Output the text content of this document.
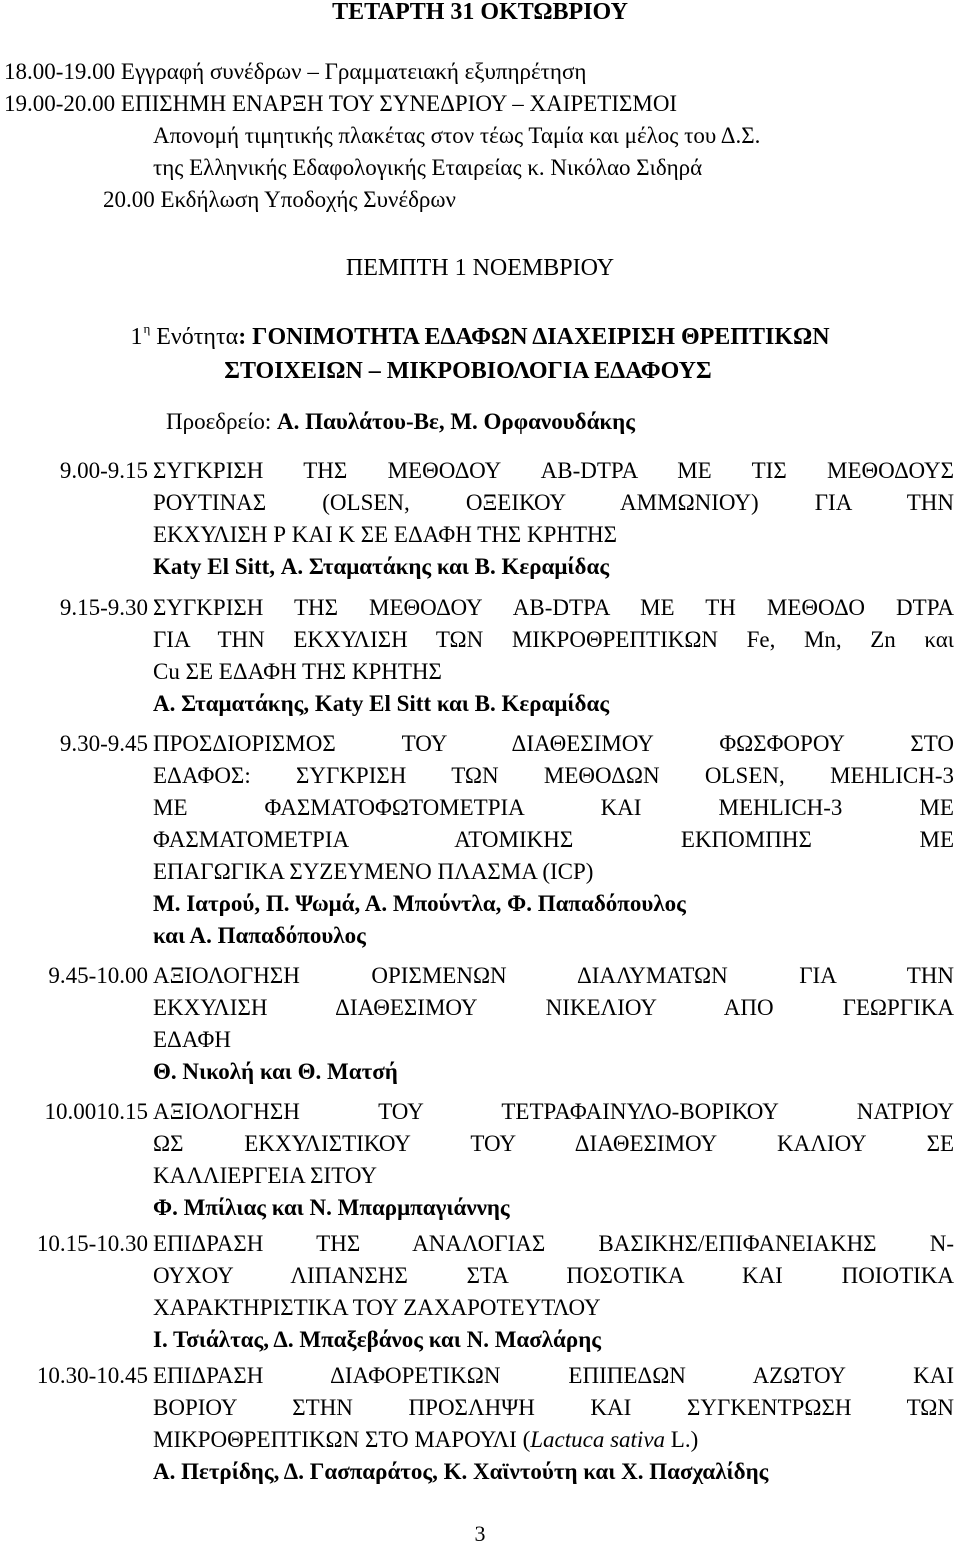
ΤΕΤΑΡΤΗ 31 ΟΚΤΩΒΡΙΟΥ
18.00-19.00 Εγγραφή συνέδρων – Γραμματειακή εξυπηρέτηση
19.00-20.00 ΕΠΙΣΗΜΗ ΕΝΑΡΞΗ ΤΟΥ ΣΥΝΕΔΡΙΟΥ – ΧΑΙΡΕΤΙΣΜΟΙ
Απονομή τιμητικής πλακέτας στον τέως Ταμία και μέλος του Δ.Σ.
της Ελληνικής Εδαφολογικής Εταιρείας κ. Νικόλαο Σιδηρά
20.00 Εκδήλωση Υποδοχής Συνέδρων
ΠΕΜΠΤΗ 1 ΝΟΕΜΒΡΙΟΥ
$1^\eta$ Ενότητα: ΓΟΝΙΜΟΤΗΤΑ ΕΔΑΦΩΝ ΔΙΑΧΕΙΡΙΣΗ ΘΡΕΠΤΙΚΩΝ
ΣΤΟΙΧΕΙΩΝ – ΜΙΚΡΟΒΙΟΛΟΓΙΑ ΕΔΑΦΟΥΣ
Προεδρείο: Α. Παυλάτου-Βε, Μ. Ορφανουδάκης
9.00-9.15 ΣΥΓΚΡΙΣΗ ΤΗΣ ΜΕΘΟΔΟΥ AB-DTPA ΜΕ ΤΙΣ ΜΕΘΟΔΟΥΣ
ΡΟΥΤΙΝΑΣ (OLSEN, ΟΞΕΙΚΟΥ ΑΜΜΩΝΙΟΥ) ΓΙΑ ΤΗΝ
ΕΚΧΥΛΙΣΗ Ρ ΚΑΙ Κ ΣΕ ΕΔΑΦΗ ΤΗΣ ΚΡΗΤΗΣ
Katy El Sitt, Α. Σταματάκης και Β. Κεραμίδας
9.15-9.30 ΣΥΓΚΡΙΣΗ ΤΗΣ ΜΕΘΟΔΟΥ AB-DTPA ΜΕ ΤΗ ΜΕΘΟΔΟ DTPA
ΓΙΑ ΤΗΝ ΕΚΧΥΛΙΣΗ ΤΩΝ ΜΙΚΡΟΘΡΕΠΤΙΚΩΝ Fe, Mn, Zn και
Cu ΣΕ ΕΔΑΦΗ ΤΗΣ ΚΡΗΤΗΣ
Α. Σταματάκης, Katy El Sitt και Β. Κεραμίδας
9.30-9.45 ΠΡΟΣΔΙΟΡΙΣΜΟΣ ΤΟΥ ΔΙΑΘΕΣΙΜΟΥ ΦΩΣΦΟΡΟΥ ΣΤΟ
ΕΔΑΦΟΣ: ΣΥΓΚΡΙΣΗ ΤΩΝ ΜΕΘΟΔΩΝ OLSEN, MEHLICH-3
ΜΕ ΦΑΣΜΑΤΟΦΩΤΟΜΕΤΡΙΑ ΚΑΙ MEHLICH-3 ΜΕ
ΦΑΣΜΑΤΟΜΕΤΡΙΑ ΑΤΟΜΙΚΗΣ ΕΚΠΟΜΠΗΣ ΜΕ
ΕΠΑΓΩΓΙΚΑ ΣΥΖΕΥΜΕΝΟ ΠΛΑΣΜΑ (ICP)
Μ. Ιατρού, Π. Ψωμά, Α. Μπούντλα, Φ. Παπαδόπουλος
και Α. Παπαδόπουλος
9.45-10.00 ΑΞΙΟΛΟΓΗΣΗ ΟΡΙΣΜΕΝΩΝ ΔΙΑΛΥΜΑΤΩΝ ΓΙΑ ΤΗΝ
ΕΚΧΥΛΙΣΗ ΔΙΑΘΕΣΙΜΟΥ ΝΙΚΕΛΙΟΥ ΑΠΟ ΓΕΩΡΓΙΚΑ
ΕΔΑΦΗ
Θ. Νικολή και Θ. Ματσή
10.0010.15 ΑΞΙΟΛΟΓΗΣΗ ΤΟΥ ΤΕΤΡΑΦΑΙΝΥΛΟ-ΒΟΡΙΚΟΥ ΝΑΤΡΙΟΥ
ΩΣ ΕΚΧΥΛΙΣΤΙΚΟΥ ΤΟΥ ΔΙΑΘΕΣΙΜΟΥ ΚΑΛΙΟΥ ΣΕ
ΚΑΛΛΙΕΡΓΕΙΑ ΣΙΤΟΥ
Φ. Μπίλιας και Ν. Μπαρμπαγιάννης
10.15-10.30 ΕΠΙΔΡΑΣΗ ΤΗΣ ΑΝΑΛΟΓΙΑΣ ΒΑΣΙΚΗΣ/ΕΠΙΦΑΝΕΙΑΚΗΣ Ν-
ΟΥΧΟΥ ΛΙΠΑΝΣΗΣ ΣΤΑ ΠΟΣΟΤΙΚΑ ΚΑΙ ΠΟΙΟΤΙΚΑ
ΧΑΡΑΚΤΗΡΙΣΤΙΚΑ ΤΟΥ ΖΑΧΑΡΟΤΕΥΤΛΟΥ
Ι. Τσιάλτας, Δ. Μπαξεβάνος και Ν. Μασλάρης
10.30-10.45 ΕΠΙΔΡΑΣΗ ΔΙΑΦΟΡΕΤΙΚΩΝ ΕΠΙΠΕΔΩΝ ΑΖΩΤΟΥ ΚΑΙ
ΒΟΡΙΟΥ ΣΤΗΝ ΠΡΟΣΛΗΨΗ ΚΑΙ ΣΥΓΚΕΝΤΡΩΣΗ ΤΩΝ
ΜΙΚΡΟΘΡΕΠΤΙΚΩΝ ΣΤΟ ΜΑΡΟΥΛΙ (Lactuca sativa L.)
Α. Πετρίδης, Δ. Γασπαράτος, Κ. Χαϊντούτη και Χ. Πασχαλίδης
3
